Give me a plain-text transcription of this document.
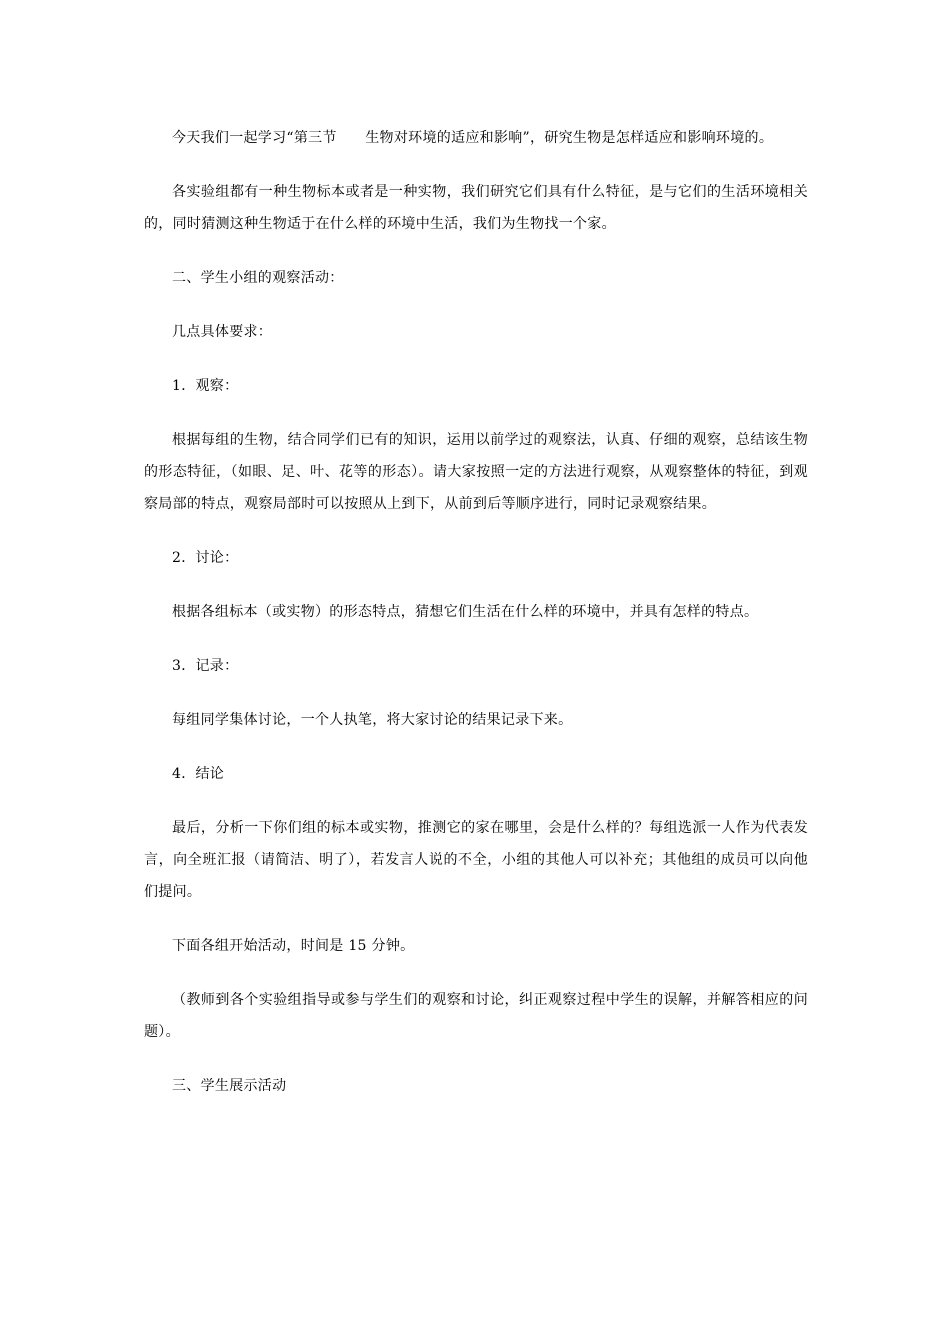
今天我们一起学习“第三节      生物对环境的适应和影响”，研究生物是怎样适应和影响环境的。

各实验组都有一种生物标本或者是一种实物，我们研究它们具有什么特征，是与它们的生活环境相关的，同时猜测这种生物适于在什么样的环境中生活，我们为生物找一个家。

二、学生小组的观察活动：

几点具体要求：

1．观察：

根据每组的生物，结合同学们已有的知识，运用以前学过的观察法，认真、仔细的观察，总结该生物的形态特征，（如眼、足、叶、花等的形态）。请大家按照一定的方法进行观察，从观察整体的特征，到观察局部的特点，观察局部时可以按照从上到下，从前到后等顺序进行，同时记录观察结果。

2．讨论：

根据各组标本（或实物）的形态特点，猜想它们生活在什么样的环境中，并具有怎样的特点。

3．记录：

每组同学集体讨论，一个人执笔，将大家讨论的结果记录下来。

4．结论

最后，分析一下你们组的标本或实物，推测它的家在哪里，会是什么样的？每组选派一人作为代表发言，向全班汇报（请简洁、明了），若发言人说的不全，小组的其他人可以补充；其他组的成员可以向他们提问。

下面各组开始活动，时间是 15 分钟。

（教师到各个实验组指导或参与学生们的观察和讨论，纠正观察过程中学生的误解，并解答相应的问题）。

三、学生展示活动
